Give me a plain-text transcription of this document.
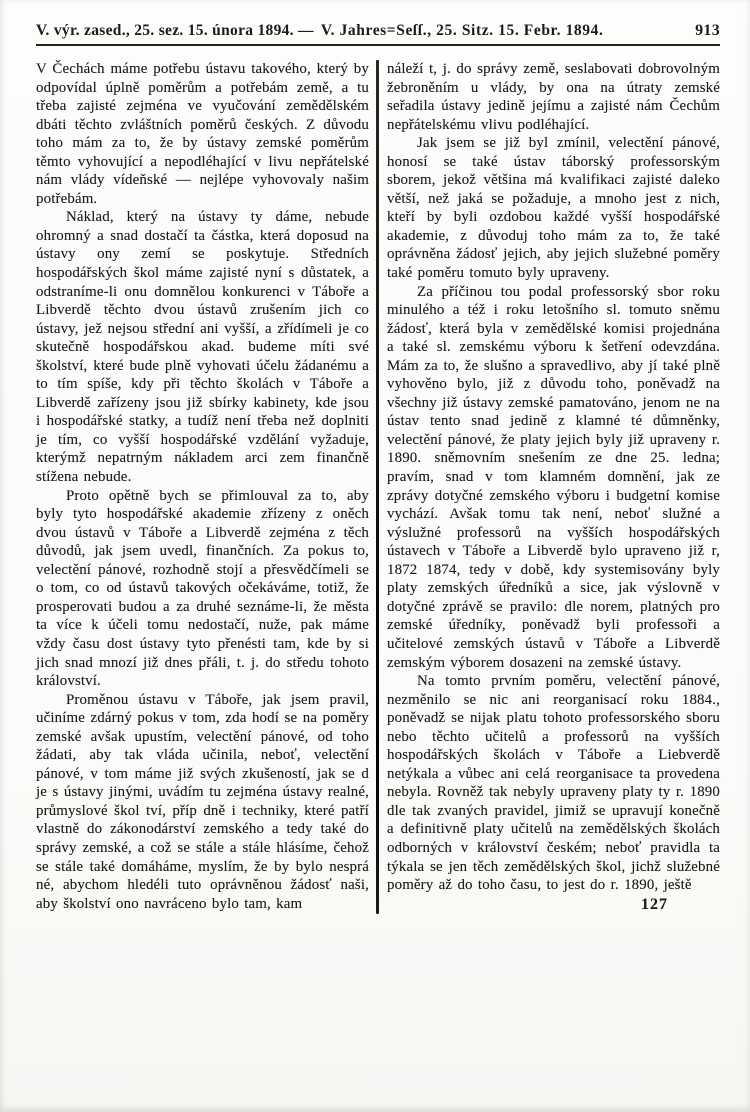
V. výr. zased., 25. sez. 15. února 1894. — V. Jahres=Seſſ., 25. Sitz. 15. Febr. 1894.	913

V Čechách máme potřebu ústavu takového, který by odpovídal úplně poměrům a potřebám země, a tu třeba zajisté zejména ve vyučování zemědělském dbáti těchto zvláštních poměrů českých. Z důvodu toho mám za to, že by ústavy zemské poměrům těmto vyhovující a nepodléhající v livu nepřátelské nám vlády vídeňské — nejlépe vyhovovaly našim potřebám.

Náklad, který na ústavy ty dáme, nebude ohromný a snad dostačí ta částka, která doposud na ústavy ony zemí se poskytuje. Středních hospodářských škol máme zajisté nyní s důstatek, a odstraníme-li onu domnělou konkurenci v Táboře a Libverdě těchto dvou ústavů zrušením jich co ústavy, jež nejsou střední ani vyšší, a zřídímeli je co skutečně hospodářskou akad. budeme míti své školství, které bude plně vyhovati účelu žádanému a to tím spíše, kdy při těchto školách v Táboře a Libverdě zařízeny jsou již sbírky kabinety, kde jsou i hospodářské statky, a tudíž není třeba než doplniti je tím, co vyšší hospodářské vzdělání vyžaduje, kterýmž nepatrným nákladem arci zem finančně stížena nebude.

Proto opětně bych se přimlouval za to, aby byly tyto hospodářské akademie zřízeny z oněch dvou ústavů v Táboře a Libverdě zejména z těch důvodů, jak jsem uvedl, finančních. Za pokus to, velectění pánové, rozhodně stojí a přesvědčímeli se o tom, co od ústavů takových očekáváme, totiž, že prosperovati budou a za druhé seznáme-li, že města ta více k účeli tomu nedostačí, nuže, pak máme vždy času dost ústavy tyto přenésti tam, kde by si jich snad mnozí již dnes přáli, t. j. do středu tohoto království.

Proměnou ústavu v Táboře, jak jsem pravil, učiníme zdárný pokus v tom, zda hodí se na poměry zemské avšak upustím, velectění pánové, od toho žádati, aby tak vláda učinila, neboť, velectění pánové, v tom máme již svých zkušeností, jak se d je s ústavy jinými, uvádím tu zejména ústavy realné, průmyslové škol tví, příp dně i techniky, které patří vlastně do zákonodárství zemského a tedy také do správy zemské, a což se stále a stále hlásíme, čehož se stále také domáháme, myslím, že by bylo nesprá né, abychom hledéli tuto oprávněnou žádosť naši, aby školství ono navráceno bylo tam, kam

náleží t, j. do správy země, seslabovati dobrovolným žebroněním u vlády, by ona na útraty zemské seřadila ústavy jedině jejímu a zajisté nám Čechům nepřátelskému vlivu podléhající.

Jak jsem se již byl zmínil, velectění pánové, honosí se také ústav táborský professorským sborem, jekož většina má kvalifikaci zajisté daleko větší, než jaká se požaduje, a mnoho jest z nich, kteří by byli ozdobou každé vyšší hospodářské akademie, z důvoduj toho mám za to, že také oprávněna žádosť jejich, aby jejich služebné poměry také poměru tomuto byly upraveny.

Za příčinou tou podal professorský sbor roku minulého a též i roku letošního sl. tomuto sněmu žádosť, která byla v zemědělské komisi projednána a také sl. zemskému výboru k šetření odevzdána. Mám za to, že slušno a spravedlivo, aby jí také plně vyhověno bylo, již z důvodu toho, poněvadž na všechny již ústavy zemské pamatováno, jenom ne na ústav tento snad jedině z klamné té důmněnky, velectění pánové, že platy jejich byly již upraveny r. 1890. sněmovním snešením ze dne 25. ledna; pravím, snad v tom klamném domnění, jak ze zprávy dotyčné zemského výboru i budgetní komise vychází. Avšak tomu tak není, neboť služné a výslužné professorů na vyšších hospodářských ústavech v Táboře a Libverdě bylo upraveno již r, 1872 1874, tedy v době, kdy systemisovány byly platy zemských úředníků a sice, jak výslovně v dotyčné zprávě se pravilo: dle norem, platných pro zemské úředníky, poněvadž byli professoři a učitelové zemských ústavů v Táboře a Libverdě zemským výborem dosazeni na zemské ústavy.

Na tomto prvním poměru, velectění pánové, nezměnilo se nic ani reorganisací roku 1884., poněvadž se nijak platu tohoto professorského sboru nebo těchto učitelů a professorů na vyšších hospodářských školách v Táboře a Liebverdě netýkala a vůbec ani celá reorganisace ta provedena nebyla. Rovněž tak nebyly upraveny platy ty r. 1890 dle tak zvaných pravidel, jimiž se upravují konečně a definitivně platy učitelů na zemědělských školách odborných v království českém; neboť pravidla ta týkala se jen těch zemědělských škol, jichž služebné poměry až do toho času, to jest do r. 1890, ještě

127
